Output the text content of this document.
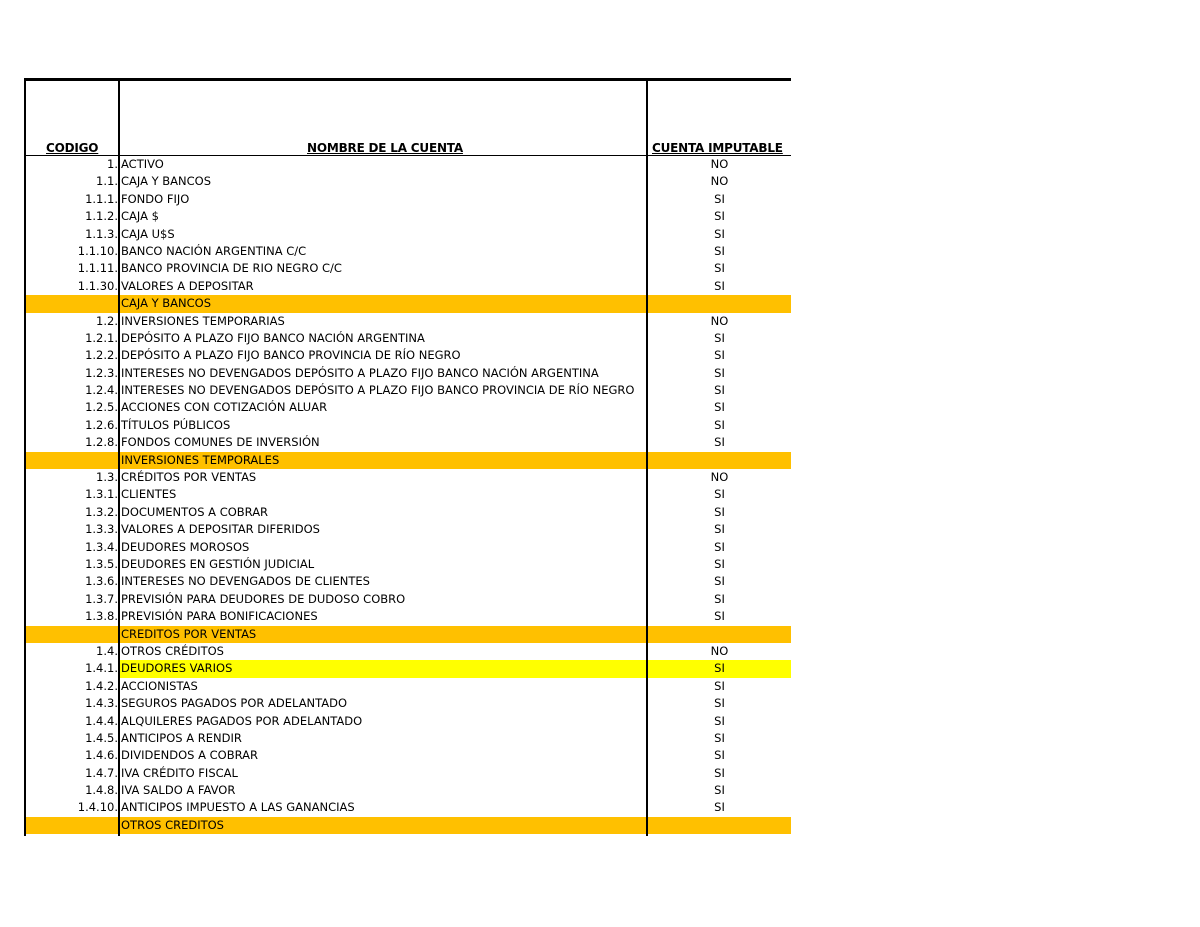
CODIGO	NOMBRE DE LA CUENTA	CUENTA IMPUTABLE
1. ACTIVO	NO
1.1. CAJA Y BANCOS	NO
1.1.1. FONDO FIJO	SI
1.1.2. CAJA $	SI
1.1.3. CAJA U$S	SI
1.1.10. BANCO NACIÓN ARGENTINA C/C	SI
1.1.11. BANCO PROVINCIA DE RIO NEGRO C/C	SI
1.1.30. VALORES A DEPOSITAR	SI
CAJA Y BANCOS
1.2. INVERSIONES TEMPORARIAS	NO
1.2.1. DEPÓSITO A PLAZO FIJO BANCO NACIÓN ARGENTINA	SI
1.2.2. DEPÓSITO A PLAZO FIJO BANCO PROVINCIA DE RÍO NEGRO	SI
1.2.3. INTERESES NO DEVENGADOS DEPÓSITO A PLAZO FIJO BANCO NACIÓN ARGENTINA	SI
1.2.4. INTERESES NO DEVENGADOS DEPÓSITO A PLAZO FIJO BANCO PROVINCIA DE RÍO NEGRO	SI
1.2.5. ACCIONES CON COTIZACIÓN ALUAR	SI
1.2.6. TÍTULOS PÚBLICOS	SI
1.2.8. FONDOS COMUNES DE INVERSIÓN	SI
INVERSIONES TEMPORALES
1.3. CRÉDITOS POR VENTAS	NO
1.3.1. CLIENTES	SI
1.3.2. DOCUMENTOS A COBRAR	SI
1.3.3. VALORES A DEPOSITAR DIFERIDOS	SI
1.3.4. DEUDORES MOROSOS	SI
1.3.5. DEUDORES EN GESTIÓN JUDICIAL	SI
1.3.6. INTERESES NO DEVENGADOS DE CLIENTES	SI
1.3.7. PREVISIÓN PARA DEUDORES DE DUDOSO COBRO	SI
1.3.8. PREVISIÓN PARA BONIFICACIONES	SI
CREDITOS POR VENTAS
1.4. OTROS CRÉDITOS	NO
1.4.1. DEUDORES VARIOS	SI
1.4.2. ACCIONISTAS	SI
1.4.3. SEGUROS PAGADOS POR ADELANTADO	SI
1.4.4. ALQUILERES PAGADOS POR ADELANTADO	SI
1.4.5. ANTICIPOS A RENDIR	SI
1.4.6. DIVIDENDOS A COBRAR	SI
1.4.7. IVA CRÉDITO FISCAL	SI
1.4.8. IVA SALDO A FAVOR	SI
1.4.10. ANTICIPOS IMPUESTO A LAS GANANCIAS	SI
OTROS CREDITOS
